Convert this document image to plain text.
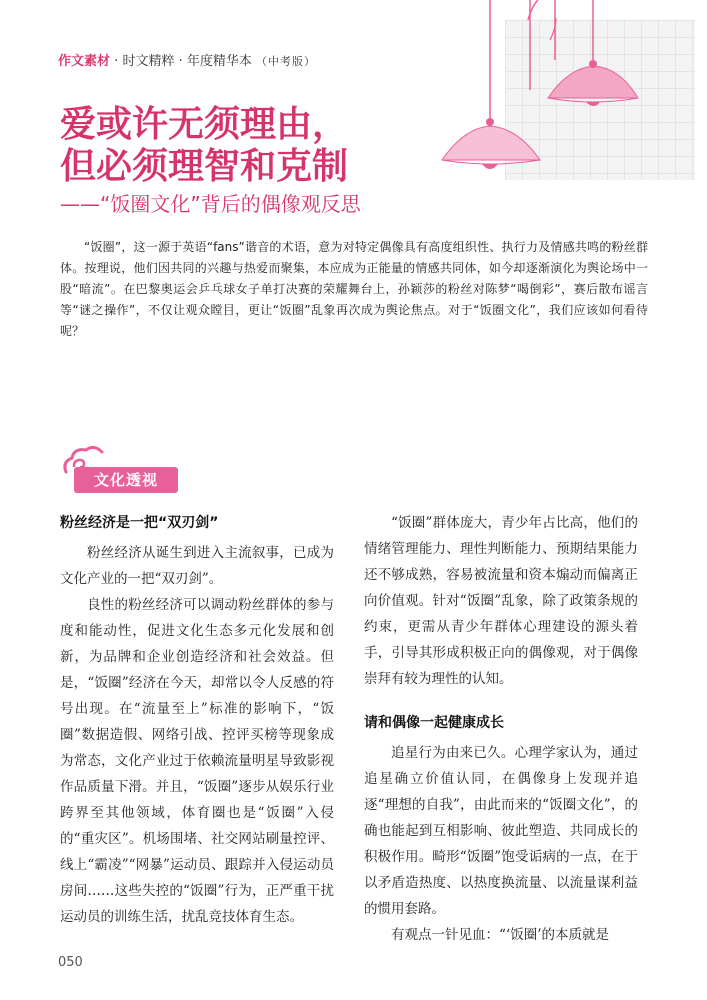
作文素材 · 时文精粹 · 年度精华本 （中考版）
爱或许无须理由，
但必须理智和克制
——“饭圈文化”背后的偶像观反思

“饭圈”，这一源于英语“fans”谐音的术语，意为对特定偶像具有高度组织性、执行力及情感共鸣的粉丝群体。按理说，他们因共同的兴趣与热爱而聚集，本应成为正能量的情感共同体，如今却逐渐演化为舆论场中一股“暗流”。在巴黎奥运会乒乓球女子单打决赛的荣耀舞台上，孙颖莎的粉丝对陈梦“喝倒彩”，赛后散布谣言等“谜之操作”，不仅让观众瞠目，更让“饭圈”乱象再次成为舆论焦点。对于“饭圈文化”，我们应该如何看待呢？

文化透视
粉丝经济是一把“双刃剑”

粉丝经济从诞生到进入主流叙事，已成为文化产业的一把“双刃剑”。

良性的粉丝经济可以调动粉丝群体的参与度和能动性，促进文化生态多元化发展和创新，为品牌和企业创造经济和社会效益。但是，“饭圈”经济在今天，却常以令人反感的符号出现。在“流量至上”标准的影响下，“饭圈”数据造假、网络引战、控评买榜等现象成为常态，文化产业过于依赖流量明星导致影视作品质量下滑。并且，“饭圈”逐步从娱乐行业跨界至其他领域，体育圈也是“饭圈”入侵的“重灾区”。机场围堵、社交网站刷量控评、线上“霸凌”“网暴”运动员、跟踪并入侵运动员房间……这些失控的“饭圈”行为，正严重干扰运动员的训练生活，扰乱竞技体育生态。

“饭圈”群体庞大，青少年占比高，他们的情绪管理能力、理性判断能力、预期结果能力还不够成熟，容易被流量和资本煽动而偏离正向价值观。针对“饭圈”乱象，除了政策条规的约束，更需从青少年群体心理建设的源头着手，引导其形成积极正向的偶像观，对于偶像崇拜有较为理性的认知。

请和偶像一起健康成长

追星行为由来已久。心理学家认为，通过追星确立价值认同，在偶像身上发现并追逐“理想的自我”，由此而来的“饭圈文化”，的确也能起到互相影响、彼此塑造、共同成长的积极作用。畸形“饭圈”饱受诟病的一点，在于以矛盾造热度、以热度换流量、以流量谋利益的惯用套路。

有观点一针见血：“‘饭圈’的本质就是

050
